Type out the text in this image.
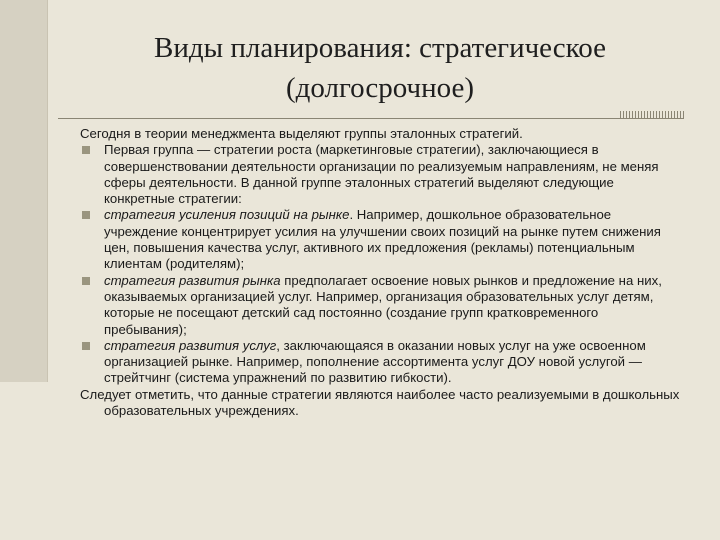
Виды планирования: стратегическое
(долгосрочное)

Сегодня в теории менеджмента выделяют группы эталонных стратегий.

Первая группа — стратегии роста (маркетинговые стратегии), заключающиеся в совершенствовании деятельности организации по реализуемым направлениям, не меняя сферы деятельности. В данной группе эталонных стратегий выделяют следующие конкретные стратегии:

стратегия усиления позиций на рынке. Например, дошкольное образовательное учреждение концентрирует усилия на улучшении своих позиций на рынке путем снижения цен, повышения качества услуг, активного их предложения (рекламы) потенциальным клиентам (родителям);

стратегия развития рынка предполагает освоение новых рынков и предложение на них, оказываемых организацией услуг. Например, организация образовательных услуг детям, которые не посещают детский сад постоянно (создание групп кратковременного пребывания);

стратегия развития услуг, заключающаяся в оказании новых услуг на уже освоенном организацией рынке. Например, пополнение ассортимента услуг ДОУ новой услугой — стрейтчинг (система упражнений по развитию гибкости).

Следует отметить, что данные стратегии являются наиболее часто реализуемыми в дошкольных образовательных учреждениях.
